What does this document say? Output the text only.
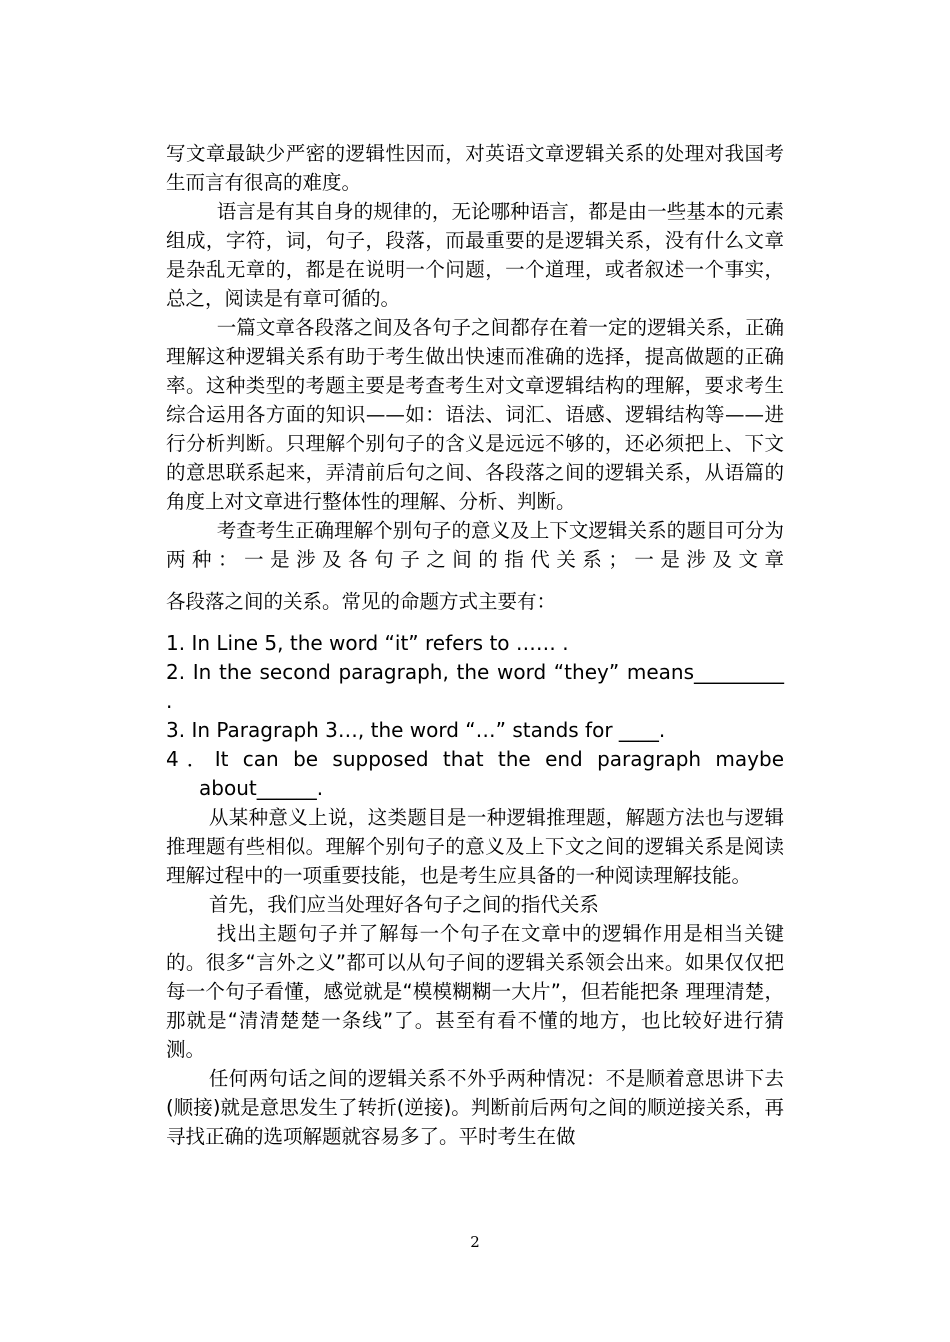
写文章最缺少严密的逻辑性因而，对英语文章逻辑关系的处理对我国考生而言有很高的难度。

语言是有其自身的规律的，无论哪种语言，都是由一些基本的元素组成，字符，词，句子，段落，而最重要的是逻辑关系，没有什么文章是杂乱无章的，都是在说明一个问题，一个道理，或者叙述一个事实，总之，阅读是有章可循的。

一篇文章各段落之间及各句子之间都存在着一定的逻辑关系，正确理解这种逻辑关系有助于考生做出快速而准确的选择，提高做题的正确率。这种类型的考题主要是考查考生对文章逻辑结构的理解，要求考生综合运用各方面的知识——如：语法、词汇、语感、逻辑结构等——进行分析判断。只理解个别句子的含义是远远不够的，还必须把上、下文的意思联系起来，弄清前后句之间、各段落之间的逻辑关系，从语篇的角度上对文章进行整体性的理解、分析、判断。

考查考生正确理解个别句子的意义及上下文逻辑关系的题目可分为两种：一是涉及各句子之间的指代关系；一是涉及文章

各段落之间的关系。常见的命题方式主要有：

1. In Line 5, the word “it” refers to …… .

2. In the second paragraph, the word “they” means_________ .

3. In Paragraph 3…, the word “…” stands for ____.

4．It can be supposed that the end paragraph maybe about______.

从某种意义上说，这类题目是一种逻辑推理题，解题方法也与逻辑推理题有些相似。理解个别句子的意义及上下文之间的逻辑关系是阅读理解过程中的一项重要技能，也是考生应具备的一种阅读理解技能。

首先，我们应当处理好各句子之间的指代关系

找出主题句子并了解每一个句子在文章中的逻辑作用是相当关键的。很多“言外之义”都可以从句子间的逻辑关系领会出来。如果仅仅把每一个句子看懂，感觉就是“模模糊糊一大片”，但若能把条 理理清楚，那就是“清清楚楚一条线”了。甚至有看不懂的地方，也比较好进行猜测。

任何两句话之间的逻辑关系不外乎两种情况：不是顺着意思讲下去(顺接)就是意思发生了转折(逆接)。判断前后两句之间的顺逆接关系，再寻找正确的选项解题就容易多了。平时考生在做

2
